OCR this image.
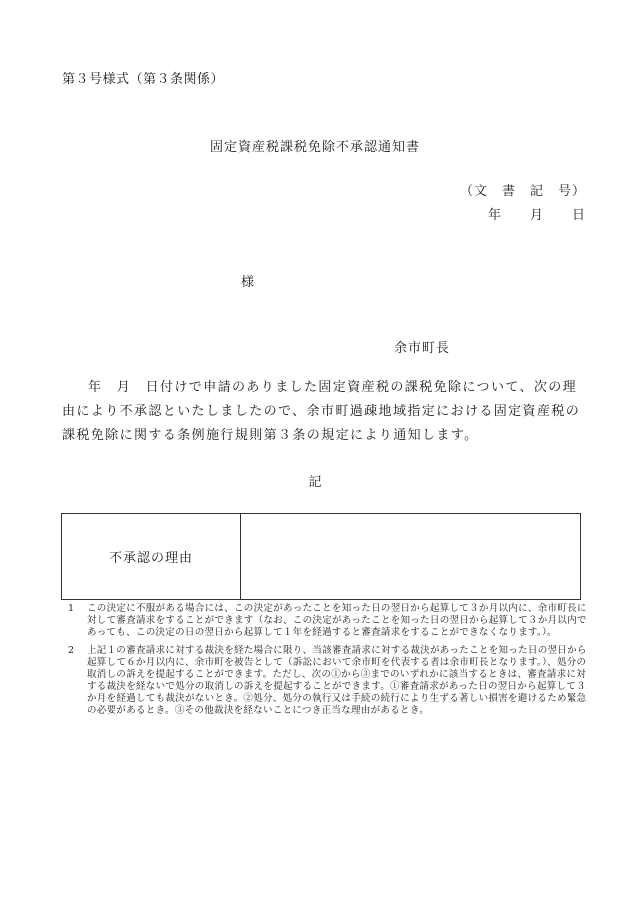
第３号様式（第３条関係）
固定資産税課税免除不承認通知書
（文　書　記　号）
年　　月　　日
様
余市町長
年　月　日付けで申請のありました固定資産税の課税免除について、次の理由により不承認といたしましたので、余市町過疎地域指定における固定資産税の課税免除に関する条例施行規則第３条の規定により通知します。
記
不承認の理由
1	この決定に不服がある場合には、この決定があったことを知った日の翌日から起算して３か月以内に、余市町長に対して審査請求をすることができます（なお、この決定があったことを知った日の翌日から起算して３か月以内であっても、この決定の日の翌日から起算して１年を経過すると審査請求をすることができなくなります。）。
2	上記１の審査請求に対する裁決を経た場合に限り、当該審査請求に対する裁決があったことを知った日の翌日から起算して６か月以内に、余市町を被告として（訴訟において余市町を代表する者は余市町長となります。）、処分の取消しの訴えを提起することができます。ただし、次の①から③までのいずれかに該当するときは、審査請求に対する裁決を経ないで処分の取消しの訴えを提起することができます。①審査請求があった日の翌日から起算して３か月を経過しても裁決がないとき。②処分、処分の執行又は手続の続行により生ずる著しい損害を避けるため緊急の必要があるとき。③その他裁決を経ないことにつき正当な理由があるとき。
